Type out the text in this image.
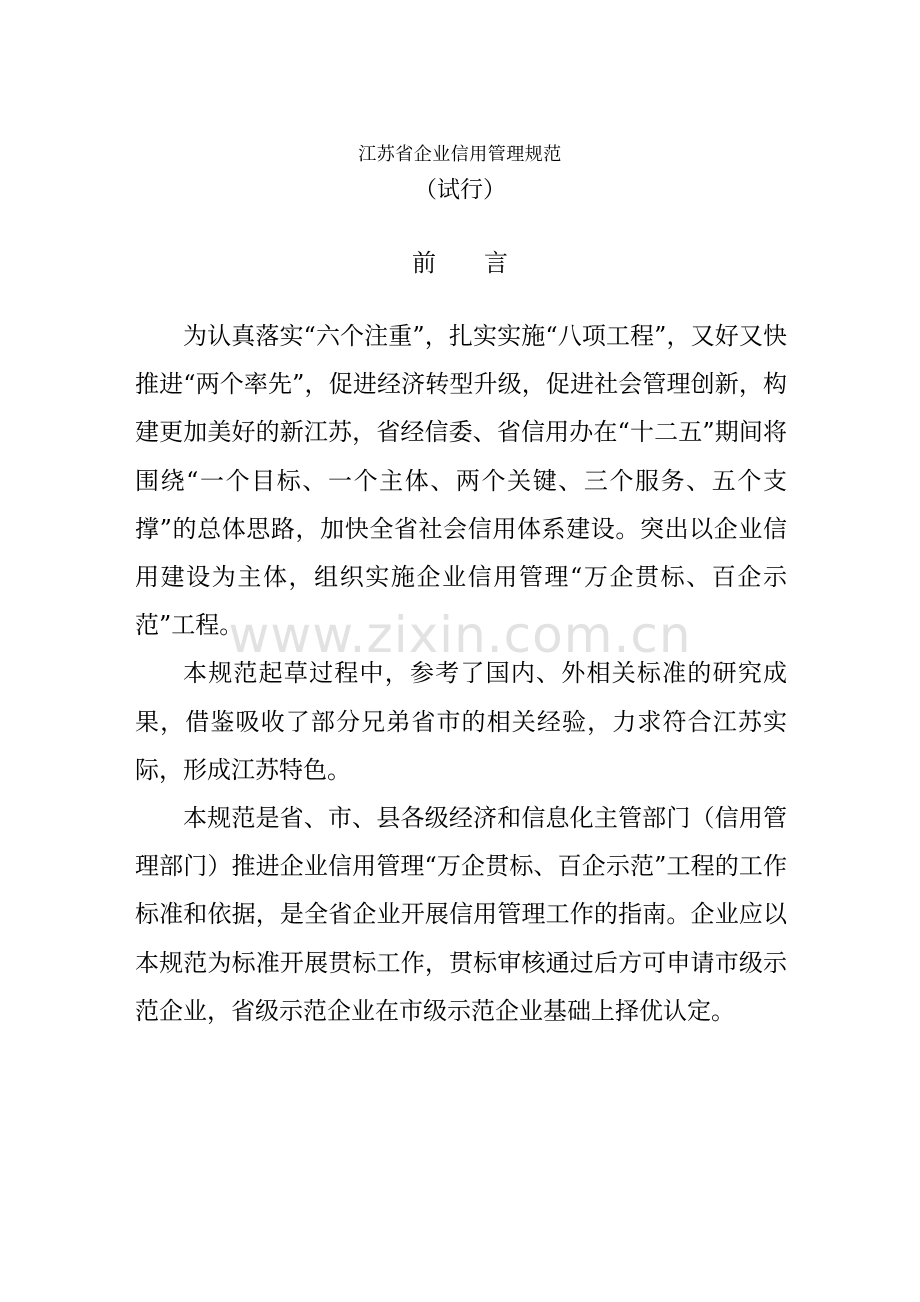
江苏省企业信用管理规范
（试行）
前言

为认真落实“六个注重”，扎实实施“八项工程”，又好又快推进“两个率先”，促进经济转型升级，促进社会管理创新，构建更加美好的新江苏，省经信委、省信用办在“十二五”期间将围绕“一个目标、一个主体、两个关键、三个服务、五个支撑”的总体思路，加快全省社会信用体系建设。突出以企业信用建设为主体，组织实施企业信用管理“万企贯标、百企示范”工程。

本规范起草过程中，参考了国内、外相关标准的研究成果，借鉴吸收了部分兄弟省市的相关经验，力求符合江苏实际，形成江苏特色。

本规范是省、市、县各级经济和信息化主管部门（信用管理部门）推进企业信用管理“万企贯标、百企示范”工程的工作标准和依据，是全省企业开展信用管理工作的指南。企业应以本规范为标准开展贯标工作，贯标审核通过后方可申请市级示范企业，省级示范企业在市级示范企业基础上择优认定。

www.zixin.com.cn
